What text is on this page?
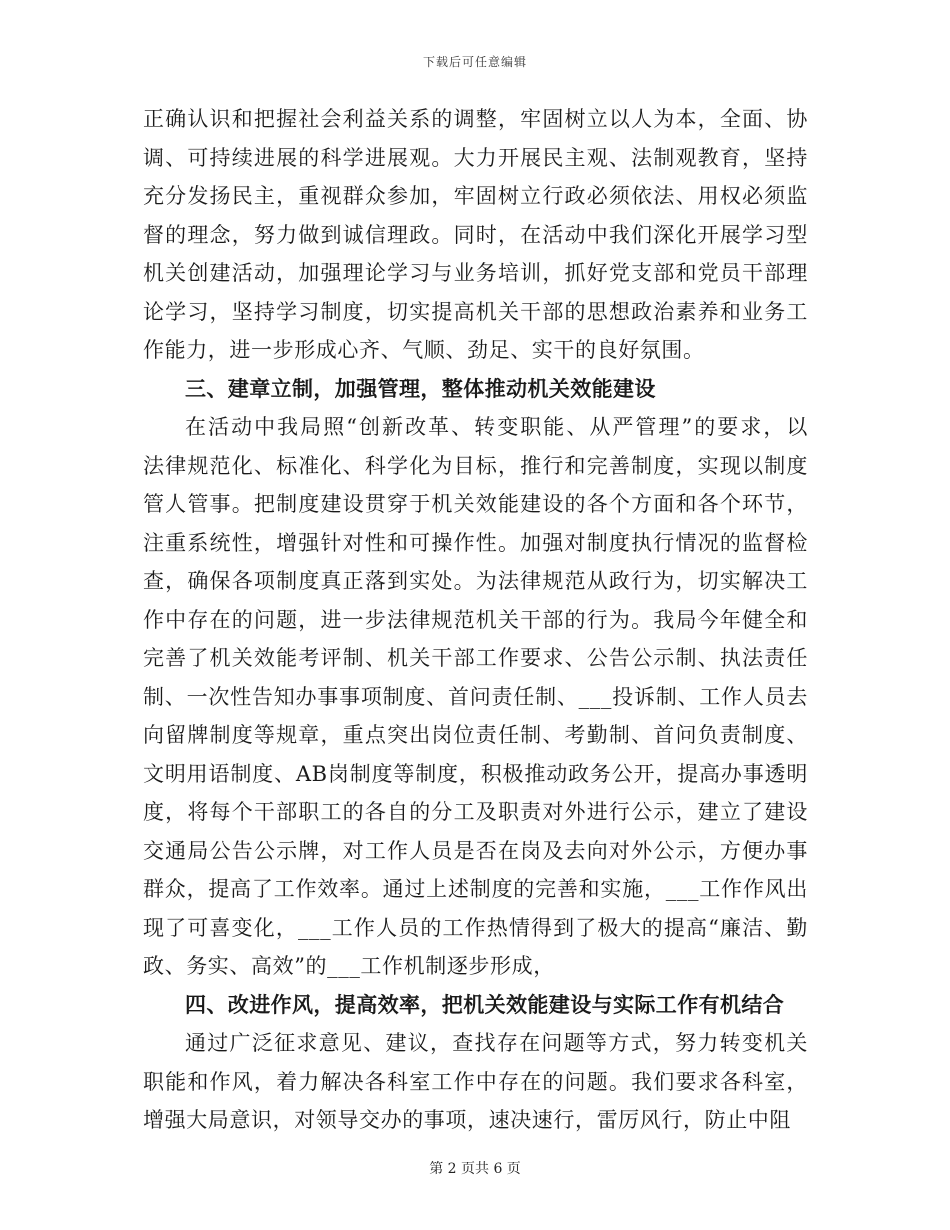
下载后可任意编辑
正确认识和把握社会利益关系的调整，牢固树立以人为本，全面、协
调、可持续进展的科学进展观。大力开展民主观、法制观教育，坚持
充分发扬民主，重视群众参加，牢固树立行政必须依法、用权必须监
督的理念，努力做到诚信理政。同时，在活动中我们深化开展学习型
机关创建活动，加强理论学习与业务培训，抓好党支部和党员干部理
论学习，坚持学习制度，切实提高机关干部的思想政治素养和业务工
作能力，进一步形成心齐、气顺、劲足、实干的良好氛围。
三、建章立制，加强管理，整体推动机关效能建设
在活动中我局照“创新改革、转变职能、从严管理”的要求，以
法律规范化、标准化、科学化为目标，推行和完善制度，实现以制度
管人管事。把制度建设贯穿于机关效能建设的各个方面和各个环节，
注重系统性，增强针对性和可操作性。加强对制度执行情况的监督检
查，确保各项制度真正落到实处。为法律规范从政行为，切实解决工
作中存在的问题，进一步法律规范机关干部的行为。我局今年健全和
完善了机关效能考评制、机关干部工作要求、公告公示制、执法责任
制、一次性告知办事事项制度、首问责任制、___投诉制、工作人员去
向留牌制度等规章，重点突出岗位责任制、考勤制、首问负责制度、
文明用语制度、AB岗制度等制度，积极推动政务公开，提高办事透明
度，将每个干部职工的各自的分工及职责对外进行公示，建立了建设
交通局公告公示牌，对工作人员是否在岗及去向对外公示，方便办事
群众，提高了工作效率。通过上述制度的完善和实施，___工作作风出
现了可喜变化，___工作人员的工作热情得到了极大的提高“廉洁、勤
政、务实、高效”的___工作机制逐步形成，
四、改进作风，提高效率，把机关效能建设与实际工作有机结合
通过广泛征求意见、建议，查找存在问题等方式，努力转变机关
职能和作风，着力解决各科室工作中存在的问题。我们要求各科室，
增强大局意识，对领导交办的事项，速决速行，雷厉风行，防止中阻
第 2 页共 6 页
